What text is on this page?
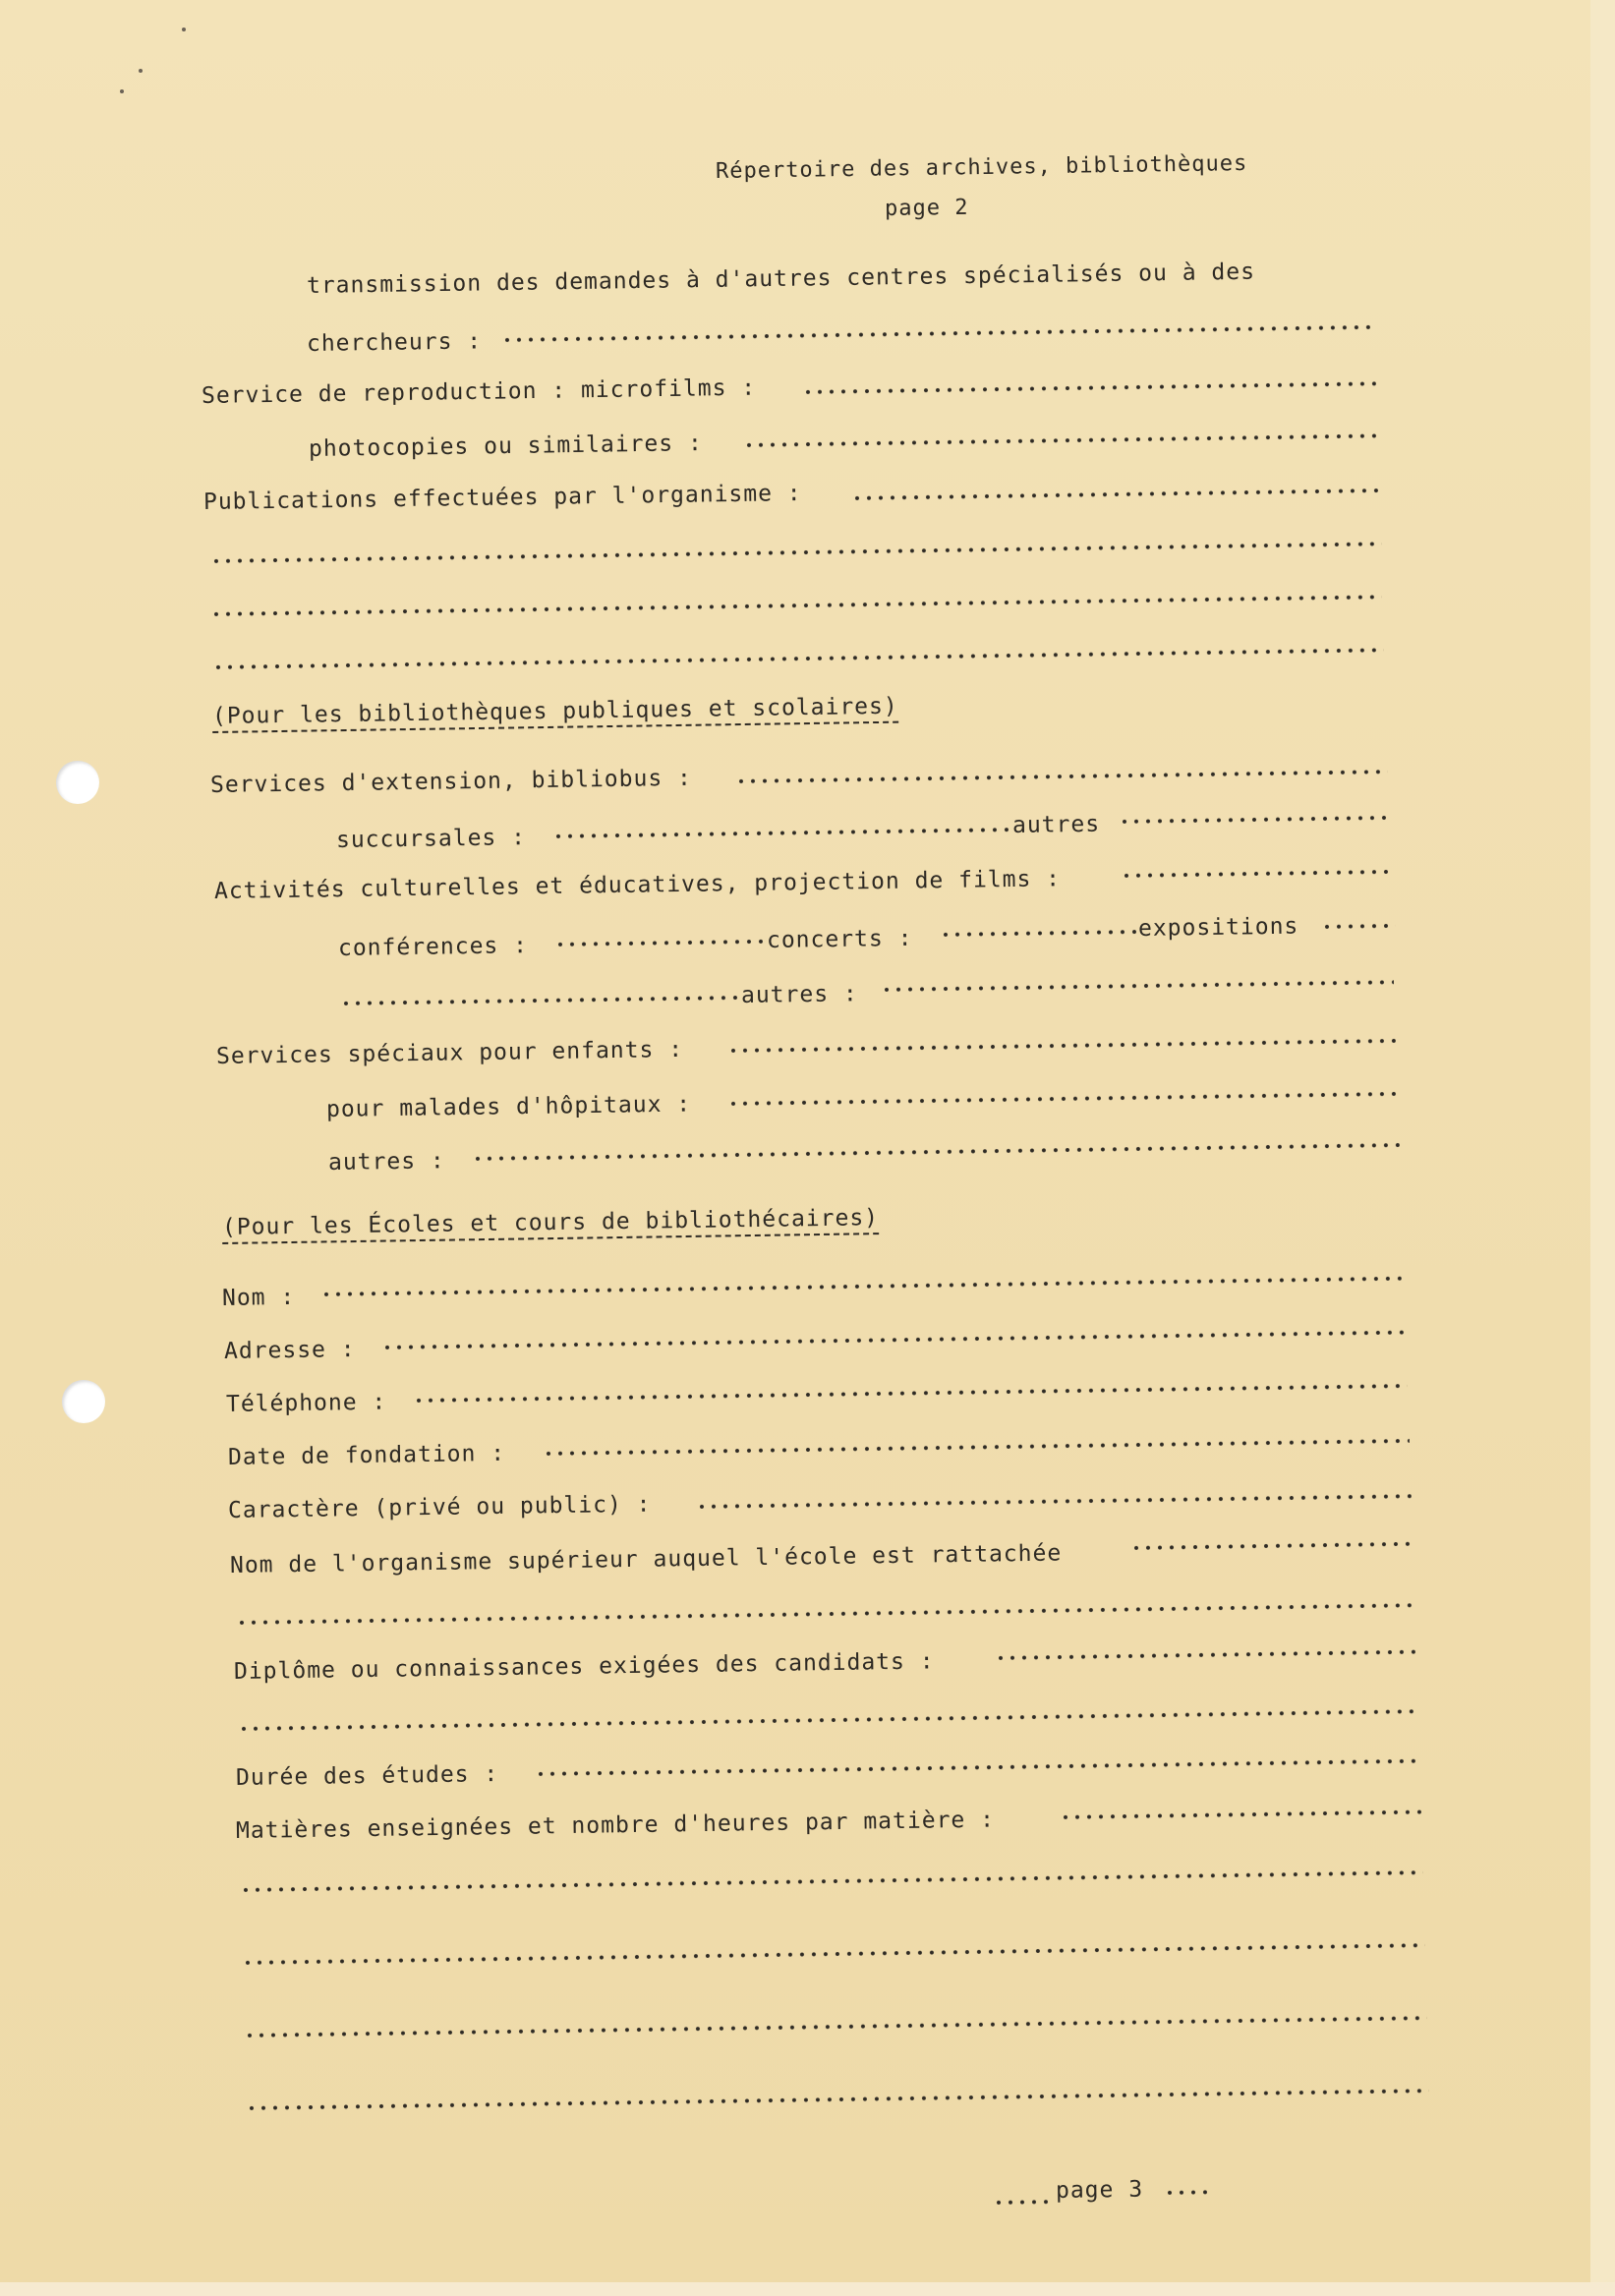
Répertoire des archives, bibliothèques
page 2
transmission des demandes à d'autres centres spécialisés ou à des
chercheurs :
Service de reproduction : microfilms :
photocopies ou similaires :
Publications effectuées par l'organisme :
(Pour les bibliothèques publiques et scolaires)
Services d'extension, bibliobus :
succursales :	autres
Activités culturelles et éducatives, projection de films :
conférences :	concerts :	expositions
autres :
Services spéciaux pour enfants :
pour malades d'hôpitaux :
autres :
(Pour les Écoles et cours de bibliothécaires)
Nom :
Adresse :
Téléphone :
Date de fondation :
Caractère (privé ou public) :
Nom de l'organisme supérieur auquel l'école est rattachée
Diplôme ou connaissances exigées des candidats :
Durée des études :
Matières enseignées et nombre d'heures par matière :
page 3
